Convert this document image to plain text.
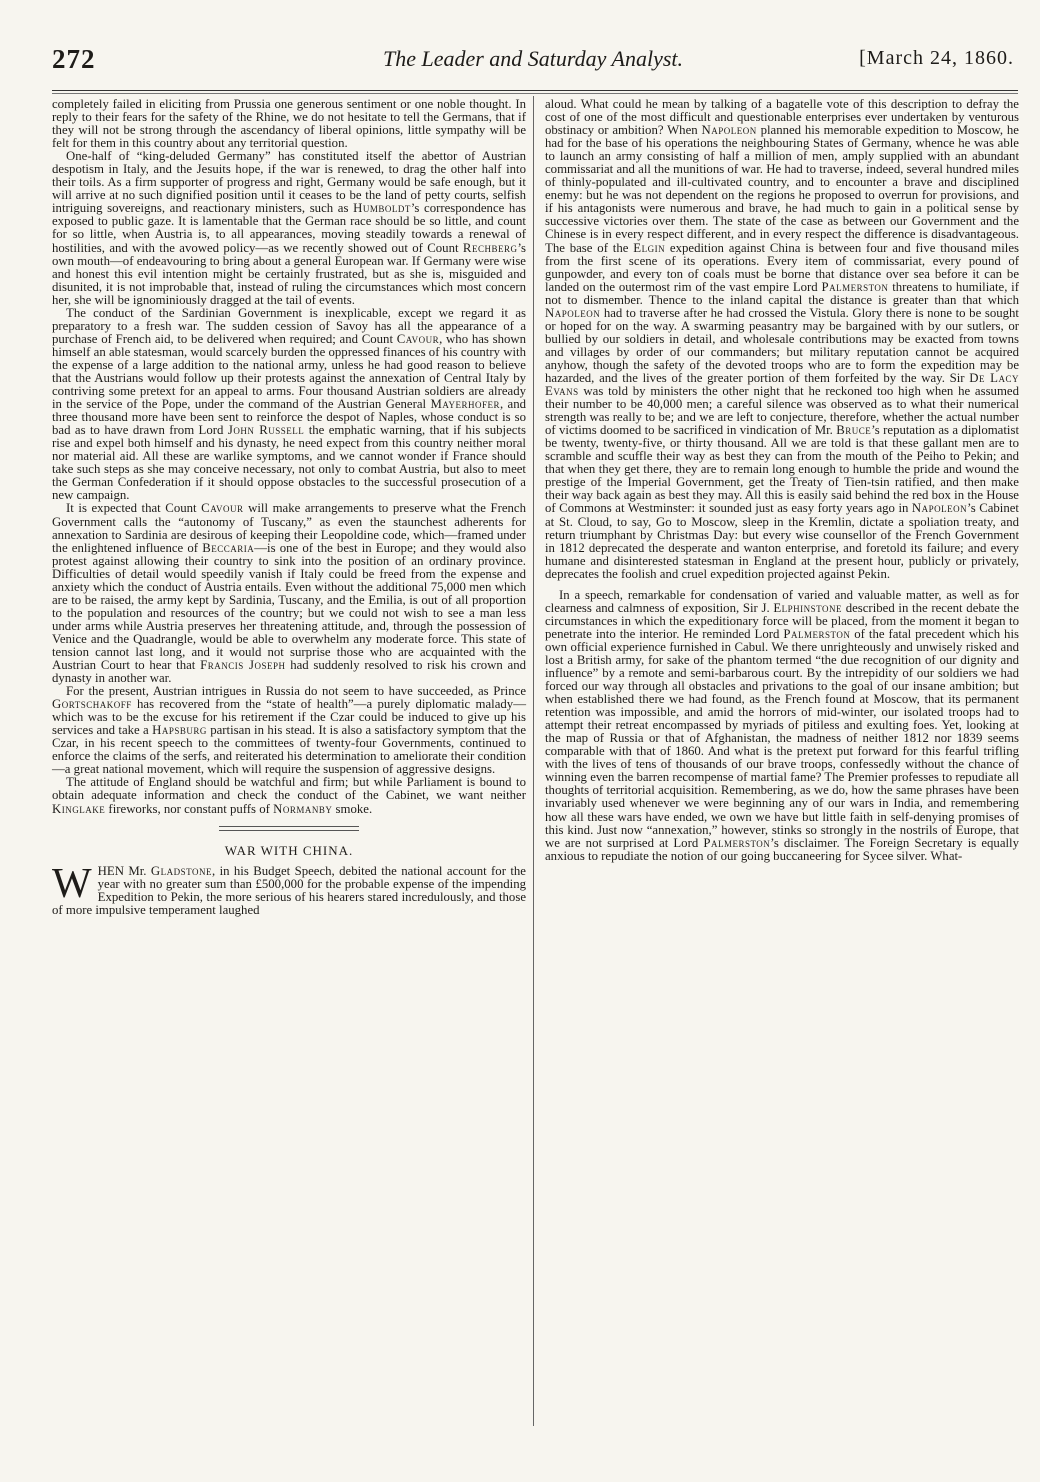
272	The Leader and Saturday Analyst.	[March 24, 1860.

completely failed in eliciting from Prussia one generous sentiment or one noble thought. In reply to their fears for the safety of the Rhine, we do not hesitate to tell the Germans, that if they will not be strong through the ascendancy of liberal opinions, little sympathy will be felt for them in this country about any territorial question.

One-half of “king-deluded Germany” has constituted itself the abettor of Austrian despotism in Italy, and the Jesuits hope, if the war is renewed, to drag the other half into their toils. As a firm supporter of progress and right, Germany would be safe enough, but it will arrive at no such dignified position until it ceases to be the land of petty courts, selfish intriguing sovereigns, and reactionary ministers, such as Humboldt’s correspondence has exposed to public gaze. It is lamentable that the German race should be so little, and count for so little, when Austria is, to all appearances, moving steadily towards a renewal of hostilities, and with the avowed policy—as we recently showed out of Count Rechberg’s own mouth—of endeavouring to bring about a general European war. If Germany were wise and honest this evil intention might be certainly frustrated, but as she is, misguided and disunited, it is not improbable that, instead of ruling the circumstances which most concern her, she will be ignominiously dragged at the tail of events.

The conduct of the Sardinian Government is inexplicable, except we regard it as preparatory to a fresh war. The sudden cession of Savoy has all the appearance of a purchase of French aid, to be delivered when required; and Count Cavour, who has shown himself an able statesman, would scarcely burden the oppressed finances of his country with the expense of a large addition to the national army, unless he had good reason to believe that the Austrians would follow up their protests against the annexation of Central Italy by contriving some pretext for an appeal to arms. Four thousand Austrian soldiers are already in the service of the Pope, under the command of the Austrian General Mayerhofer, and three thousand more have been sent to reinforce the despot of Naples, whose conduct is so bad as to have drawn from Lord John Russell the emphatic warning, that if his subjects rise and expel both himself and his dynasty, he need expect from this country neither moral nor material aid. All these are warlike symptoms, and we cannot wonder if France should take such steps as she may conceive necessary, not only to combat Austria, but also to meet the German Confederation if it should oppose obstacles to the successful prosecution of a new campaign.

It is expected that Count Cavour will make arrangements to preserve what the French Government calls the “autonomy of Tuscany,” as even the staunchest adherents for annexation to Sardinia are desirous of keeping their Leopoldine code, which—framed under the enlightened influence of Beccaria—is one of the best in Europe; and they would also protest against allowing their country to sink into the position of an ordinary province. Difficulties of detail would speedily vanish if Italy could be freed from the expense and anxiety which the conduct of Austria entails. Even without the additional 75,000 men which are to be raised, the army kept by Sardinia, Tuscany, and the Emilia, is out of all proportion to the population and resources of the country; but we could not wish to see a man less under arms while Austria preserves her threatening attitude, and, through the possession of Venice and the Quadrangle, would be able to overwhelm any moderate force. This state of tension cannot last long, and it would not surprise those who are acquainted with the Austrian Court to hear that Francis Joseph had suddenly resolved to risk his crown and dynasty in another war.

For the present, Austrian intrigues in Russia do not seem to have succeeded, as Prince Gortschakoff has recovered from the “state of health”—a purely diplomatic malady—which was to be the excuse for his retirement if the Czar could be induced to give up his services and take a Hapsburg partisan in his stead. It is also a satisfactory symptom that the Czar, in his recent speech to the committees of twenty-four Governments, continued to enforce the claims of the serfs, and reiterated his determination to ameliorate their condition—a great national movement, which will require the suspension of aggressive designs.

The attitude of England should be watchful and firm; but while Parliament is bound to obtain adequate information and check the conduct of the Cabinet, we want neither Kinglake fireworks, nor constant puffs of Normanby smoke.

WAR WITH CHINA.

WHEN Mr. Gladstone, in his Budget Speech, debited the national account for the year with no greater sum than £500,000 for the probable expense of the impending Expedition to Pekin, the more serious of his hearers stared incredulously, and those of more impulsive temperament laughed

aloud. What could he mean by talking of a bagatelle vote of this description to defray the cost of one of the most difficult and questionable enterprises ever undertaken by venturous obstinacy or ambition? When Napoleon planned his memorable expedition to Moscow, he had for the base of his operations the neighbouring States of Germany, whence he was able to launch an army consisting of half a million of men, amply supplied with an abundant commissariat and all the munitions of war. He had to traverse, indeed, several hundred miles of thinly-populated and ill-cultivated country, and to encounter a brave and disciplined enemy: but he was not dependent on the regions he proposed to overrun for provisions, and if his antagonists were numerous and brave, he had much to gain in a political sense by successive victories over them. The state of the case as between our Government and the Chinese is in every respect different, and in every respect the difference is disadvantageous. The base of the Elgin expedition against China is between four and five thousand miles from the first scene of its operations. Every item of commissariat, every pound of gunpowder, and every ton of coals must be borne that distance over sea before it can be landed on the outermost rim of the vast empire Lord Palmerston threatens to humiliate, if not to dismember. Thence to the inland capital the distance is greater than that which Napoleon had to traverse after he had crossed the Vistula. Glory there is none to be sought or hoped for on the way. A swarming peasantry may be bargained with by our sutlers, or bullied by our soldiers in detail, and wholesale contributions may be exacted from towns and villages by order of our commanders; but military reputation cannot be acquired anyhow, though the safety of the devoted troops who are to form the expedition may be hazarded, and the lives of the greater portion of them forfeited by the way. Sir De Lacy Evans was told by ministers the other night that he reckoned too high when he assumed their number to be 40,000 men; a careful silence was observed as to what their numerical strength was really to be; and we are left to conjecture, therefore, whether the actual number of victims doomed to be sacrificed in vindication of Mr. Bruce’s reputation as a diplomatist be twenty, twenty-five, or thirty thousand. All we are told is that these gallant men are to scramble and scuffle their way as best they can from the mouth of the Peiho to Pekin; and that when they get there, they are to remain long enough to humble the pride and wound the prestige of the Imperial Government, get the Treaty of Tien-tsin ratified, and then make their way back again as best they may. All this is easily said behind the red box in the House of Commons at Westminster: it sounded just as easy forty years ago in Napoleon’s Cabinet at St. Cloud, to say, Go to Moscow, sleep in the Kremlin, dictate a spoliation treaty, and return triumphant by Christmas Day: but every wise counsellor of the French Government in 1812 deprecated the desperate and wanton enterprise, and foretold its failure; and every humane and disinterested statesman in England at the present hour, publicly or privately, deprecates the foolish and cruel expedition projected against Pekin.

In a speech, remarkable for condensation of varied and valuable matter, as well as for clearness and calmness of exposition, Sir J. Elphinstone described in the recent debate the circumstances in which the expeditionary force will be placed, from the moment it began to penetrate into the interior. He reminded Lord Palmerston of the fatal precedent which his own official experience furnished in Cabul. We there unrighteously and unwisely risked and lost a British army, for sake of the phantom termed “the due recognition of our dignity and influence” by a remote and semi-barbarous court. By the intrepidity of our soldiers we had forced our way through all obstacles and privations to the goal of our insane ambition; but when established there we had found, as the French found at Moscow, that its permanent retention was impossible, and amid the horrors of mid-winter, our isolated troops had to attempt their retreat encompassed by myriads of pitiless and exulting foes. Yet, looking at the map of Russia or that of Afghanistan, the madness of neither 1812 nor 1839 seems comparable with that of 1860. And what is the pretext put forward for this fearful trifling with the lives of tens of thousands of our brave troops, confessedly without the chance of winning even the barren recompense of martial fame? The Premier professes to repudiate all thoughts of territorial acquisition. Remembering, as we do, how the same phrases have been invariably used whenever we were beginning any of our wars in India, and remembering how all these wars have ended, we own we have but little faith in self-denying promises of this kind. Just now “annexation,” however, stinks so strongly in the nostrils of Europe, that we are not surprised at Lord Palmerston’s disclaimer. The Foreign Secretary is equally anxious to repudiate the notion of our going buccaneering for Sycee silver. What-
